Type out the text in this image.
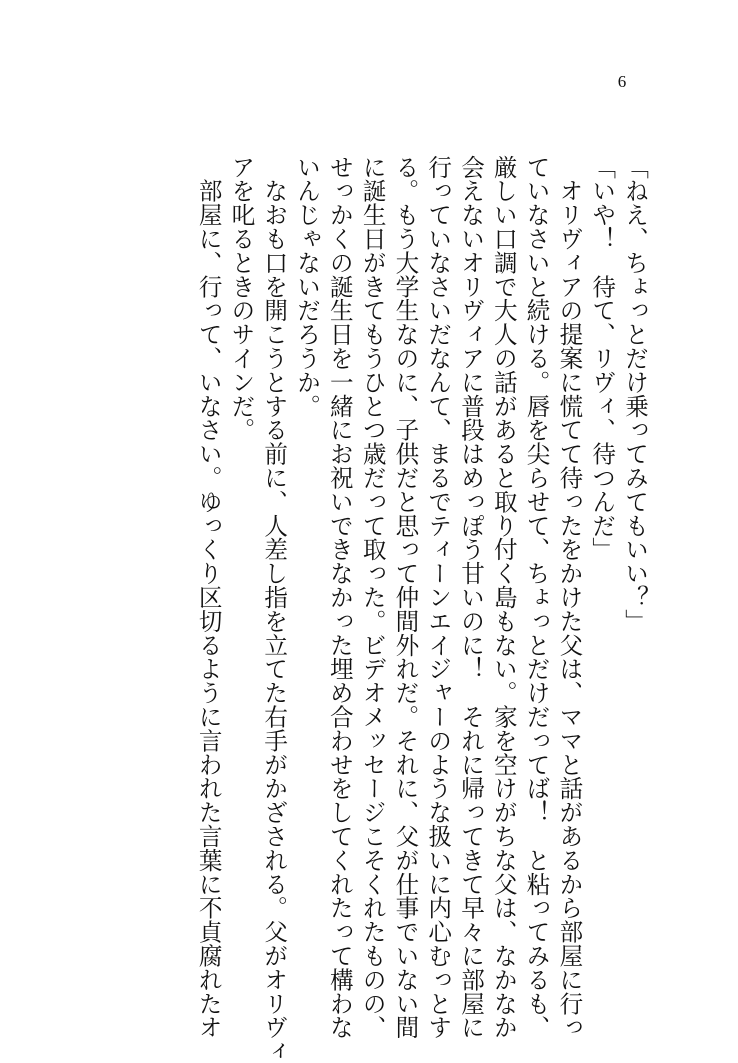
6
「ねえ、ちょっとだけ乗ってみてもいい？」
「いや！　待て、リヴィ、待つんだ」
　オリヴィアの提案に慌てて待ったをかけた父は、ママと話があるから部屋に行っ
ていなさいと続ける。唇を尖らせて、ちょっとだけだってば！　と粘ってみるも、
厳しい口調で大人の話があると取り付く島もない。家を空けがちな父は、なかなか
会えないオリヴィアに普段はめっぽう甘いのに！　それに帰ってきて早々に部屋に
行っていなさいだなんて、まるでティーンエイジャーのような扱いに内心むっとす
る。もう大学生なのに、子供だと思って仲間外れだ。それに、父が仕事でいない間
に誕生日がきてもうひとつ歳だって取った。ビデオメッセージこそくれたものの、
せっかくの誕生日を一緒にお祝いできなかった埋め合わせをしてくれたって構わな
いんじゃないだろうか。
　なおも口を開こうとする前に、人差し指を立てた右手がかざされる。父がオリヴィ
アを叱るときのサインだ。
　部屋に、行って、いなさい。ゆっくり区切るように言われた言葉に不貞腐れたオ
